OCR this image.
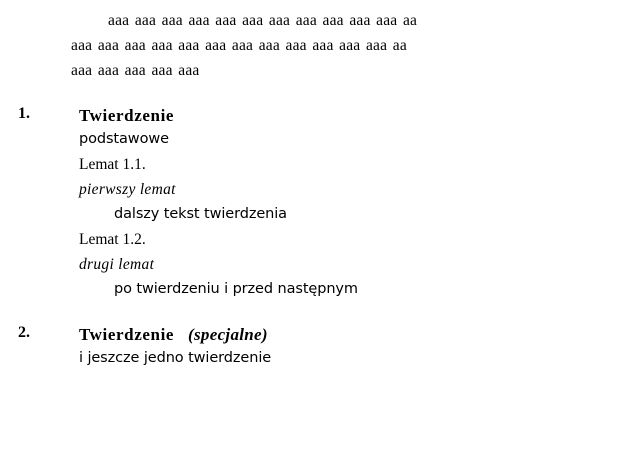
aaa aaa aaa aaa aaa aaa aaa aaa aaa aaa aaa aa
aaa aaa aaa aaa aaa aaa aaa aaa aaa aaa aaa aaa aa
aaa aaa aaa aaa aaa
1.	Twierdzenie
podstawowe
Lemat 1.1.
pierwszy lemat
dalszy tekst twierdzenia
Lemat 1.2.
drugi lemat
po twierdzeniu i przed następnym
2.	Twierdzenie (specjalne)
i jeszcze jedno twierdzenie
